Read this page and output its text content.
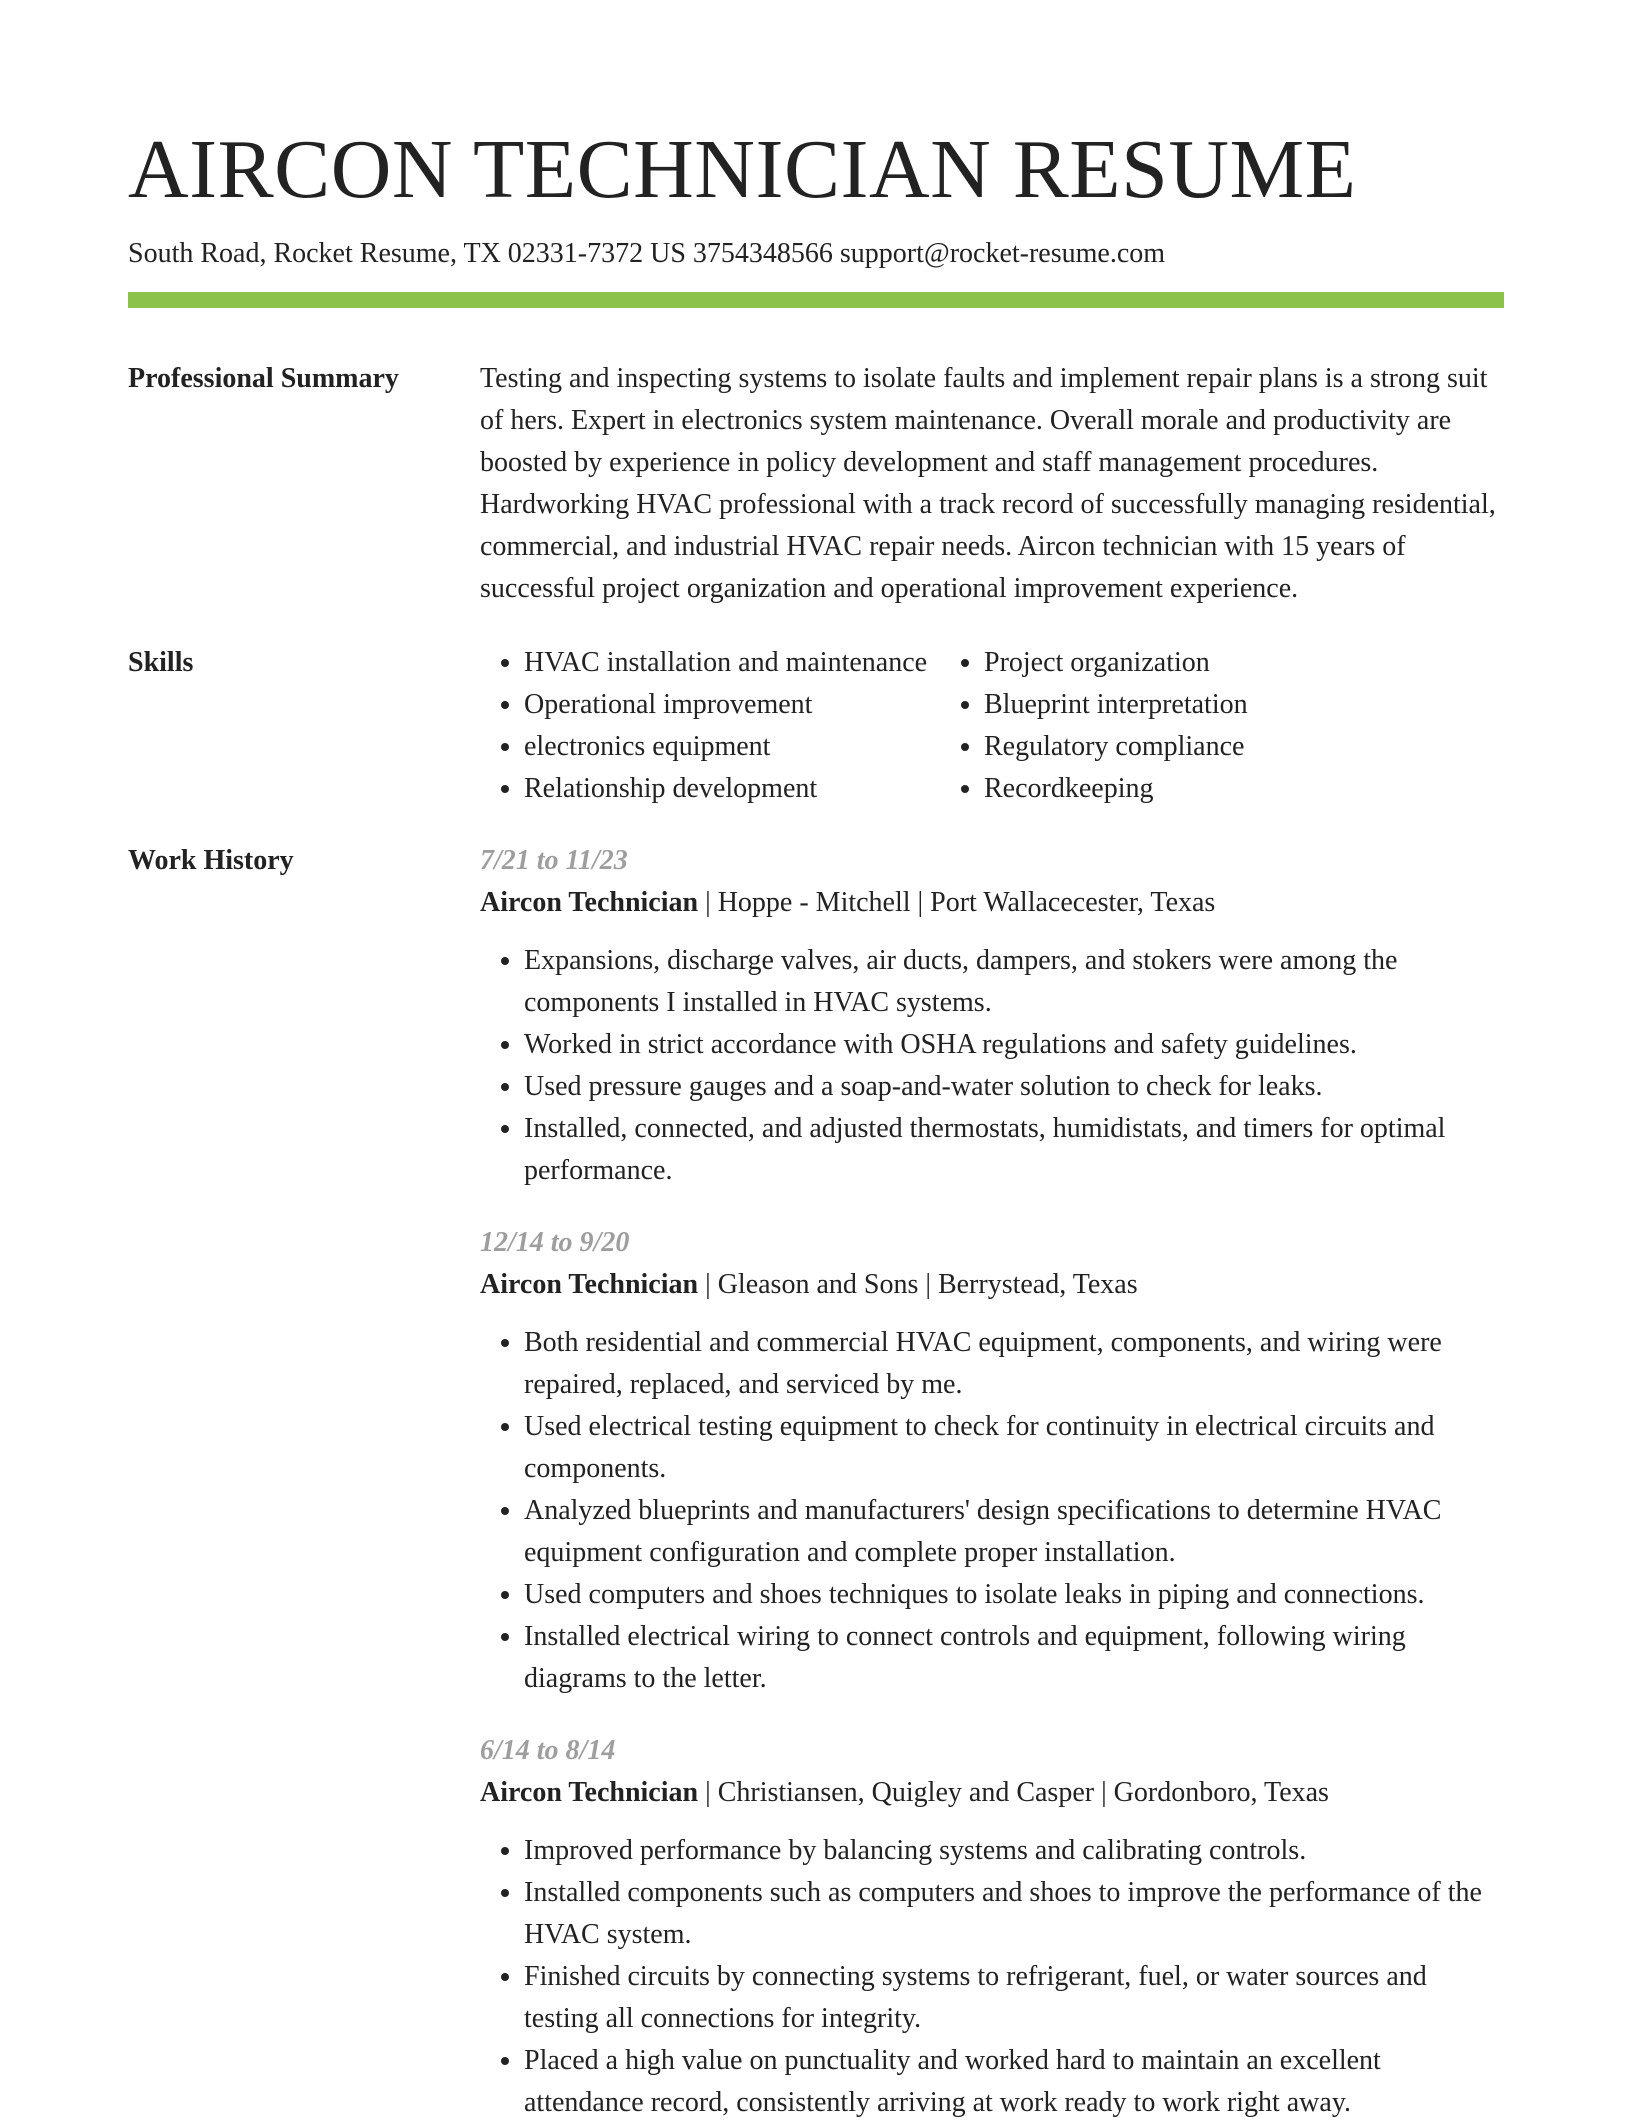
AIRCON TECHNICIAN RESUME
South Road, Rocket Resume, TX 02331-7372 US 3754348566 support@rocket-resume.com
Professional Summary	Testing and inspecting systems to isolate faults and implement repair plans is a strong suit of hers. Expert in electronics system maintenance. Overall morale and productivity are boosted by experience in policy development and staff management procedures. Hardworking HVAC professional with a track record of successfully managing residential, commercial, and industrial HVAC repair needs. Aircon technician with 15 years of successful project organization and operational improvement experience.
Skills
•	HVAC installation and maintenance
• Operational improvement
• electronics equipment
• Relationship development
• Project organization
• Blueprint interpretation
• Regulatory compliance
• Recordkeeping
Work History	7/21 to 11/23
Aircon Technician | Hoppe - Mitchell | Port Wallacecester, Texas
• Expansions, discharge valves, air ducts, dampers, and stokers were among the components I installed in HVAC systems.
• Worked in strict accordance with OSHA regulations and safety guidelines.
• Used pressure gauges and a soap-and-water solution to check for leaks.
• Installed, connected, and adjusted thermostats, humidistats, and timers for optimal performance.
12/14 to 9/20
Aircon Technician | Gleason and Sons | Berrystead, Texas
• Both residential and commercial HVAC equipment, components, and wiring were repaired, replaced, and serviced by me.
• Used electrical testing equipment to check for continuity in electrical circuits and components.
• Analyzed blueprints and manufacturers' design specifications to determine HVAC equipment configuration and complete proper installation.
• Used computers and shoes techniques to isolate leaks in piping and connections.
• Installed electrical wiring to connect controls and equipment, following wiring diagrams to the letter.
6/14 to 8/14
Aircon Technician | Christiansen, Quigley and Casper | Gordonboro, Texas
• Improved performance by balancing systems and calibrating controls.
• Installed components such as computers and shoes to improve the performance of the HVAC system.
• Finished circuits by connecting systems to refrigerant, fuel, or water sources and testing all connections for integrity.
• Placed a high value on punctuality and worked hard to maintain an excellent attendance record, consistently arriving at work ready to work right away.
